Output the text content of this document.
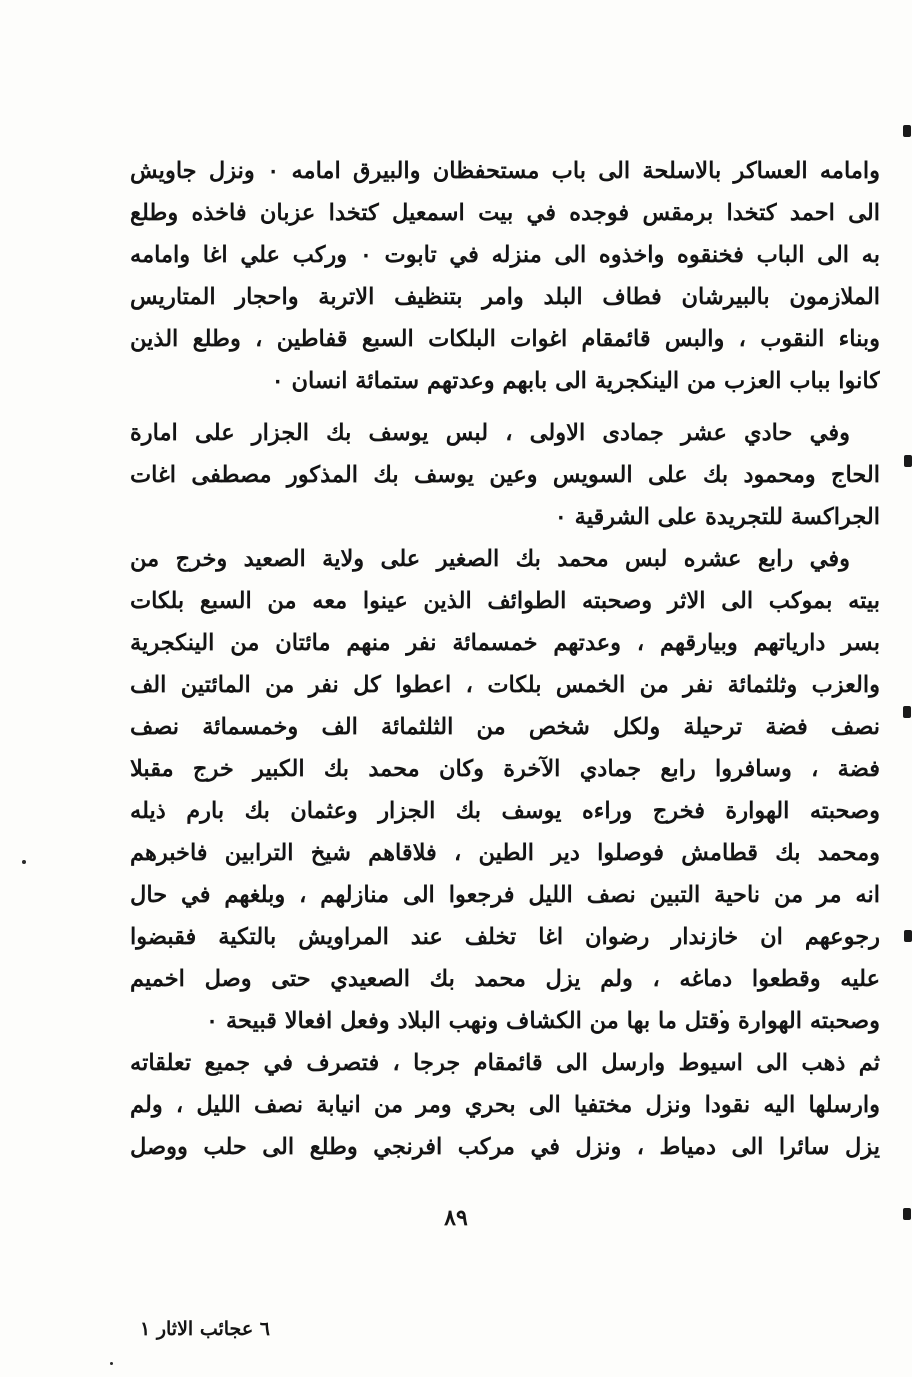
وامامه العساكر بالاسلحة الى باب مستحفظان والبيرق امامه ٠ ونزل جاويش
الى احمد كتخدا برمقس فوجده في بيت اسمعيل كتخدا عزبان فاخذه وطلع
به الى الباب فخنقوه واخذوه الى منزله في تابوت ٠ وركب علي اغا وامامه
الملازمون بالبيرشان فطاف البلد وامر بتنظيف الاتربة واحجار المتاريس
وبناء النقوب ، والبس قائمقام اغوات البلكات السبع قفاطين ، وطلع الذين
كانوا بباب العزب من الينكجرية الى بابهم وعدتهم ستمائة انسان ٠
وفي حادي عشر جمادى الاولى ، لبس يوسف بك الجزار على امارة
الحاج ومحمود بك على السويس وعين يوسف بك المذكور مصطفى اغات
الجراكسة للتجريدة على الشرقية ٠
وفي رابع عشره لبس محمد بك الصغير على ولاية الصعيد وخرج من
بيته بموكب الى الاثر وصحبته الطوائف الذين عينوا معه من السبع بلكات
بسر دارياتهم وبيارقهم ، وعدتهم خمسمائة نفر منهم مائتان من الينكجرية
والعزب وثلثمائة نفر من الخمس بلكات ، اعطوا كل نفر من المائتين الف
نصف فضة ترحيلة ولكل شخص من الثلثمائة الف وخمسمائة نصف
فضة ، وسافروا رابع جمادي الآخرة وكان محمد بك الكبير خرج مقبلا
وصحبته الهوارة فخرج وراءه يوسف بك الجزار وعثمان بك بارم ذيله
ومحمد بك قطامش فوصلوا دير الطين ، فلاقاهم شيخ الترابين فاخبرهم
انه مر من ناحية التبين نصف الليل فرجعوا الى منازلهم ، وبلغهم في حال
رجوعهم ان خازندار رضوان اغا تخلف عند المراويش بالتكية فقبضوا
عليه وقطعوا دماغه ، ولم يزل محمد بك الصعيدي حتى وصل اخميم
وصحبته الهوارة وقتل ما بها من الكشاف ونهب البلاد وفعل افعالا قبيحة ٠
ثم ذهب الى اسيوط وارسل الى قائمقام جرجا ، فتصرف في جميع تعلقاته
وارسلها اليه نقودا ونزل مختفيا الى بحري ومر من انيابة نصف الليل ، ولم
يزل سائرا الى دمياط ، ونزل في مركب افرنجي وطلع الى حلب ووصل
٨٩
٦ عجائب الاثار ١
